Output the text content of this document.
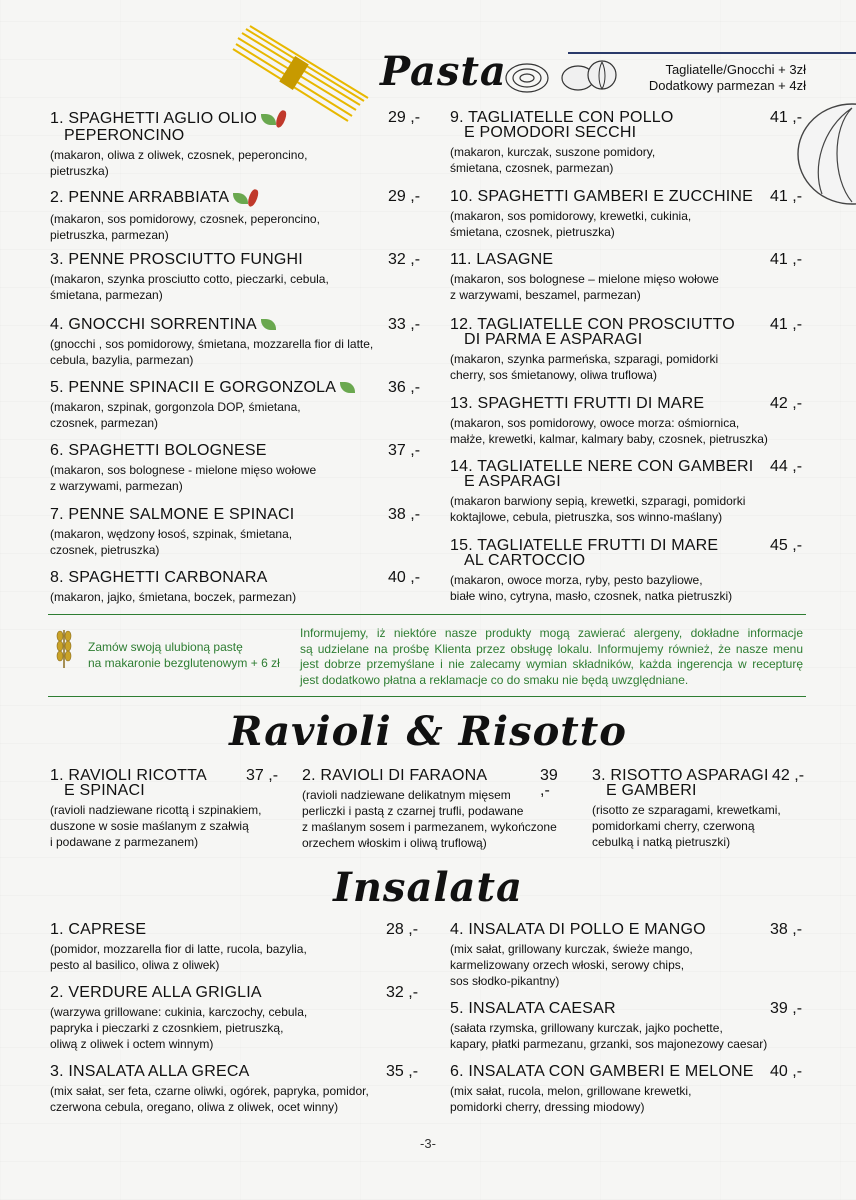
Pasta	Tagliatelle/Gnocchi + 3zł
Dodatkowy parmezan + 4zł
1. SPAGHETTI AGLIO OLIO
PEPERONCINO
29 ,-
(makaron, oliwa z oliwek, czosnek, peperoncino,
pietruszka)
2. PENNE ARRABBIATA	29 ,-
(makaron, sos pomidorowy, czosnek, peperoncino,
pietruszka, parmezan)
3. PENNE PROSCIUTTO FUNGHI	32 ,-
(makaron, szynka prosciutto cotto, pieczarki, cebula,
śmietana, parmezan)
4. GNOCCHI SORRENTINA	33 ,-
(gnocchi , sos pomidorowy, śmietana, mozzarella fior di latte,
cebula, bazylia, parmezan)
5. PENNE SPINACII E GORGONZOLA	36 ,-
(makaron, szpinak, gorgonzola DOP, śmietana,
czosnek, parmezan)
6. SPAGHETTI BOLOGNESE	37 ,-
(makaron, sos bolognese - mielone mięso wołowe
z warzywami, parmezan)
7. PENNE SALMONE E SPINACI	38 ,-
(makaron, wędzony łosoś, szpinak, śmietana,
czosnek, pietruszka)
8. SPAGHETTI CARBONARA	40 ,-
(makaron, jajko, śmietana, boczek, parmezan)
9. TAGLIATELLE CON POLLO
E POMODORI SECCHI
41 ,-
(makaron, kurczak, suszone pomidory,
śmietana, czosnek, parmezan)
10. SPAGHETTI GAMBERI E ZUCCHINE	41 ,-
(makaron, sos pomidorowy, krewetki, cukinia,
śmietana, czosnek, pietruszka)
11. LASAGNE	41 ,-
(makaron, sos bolognese – mielone mięso wołowe
z warzywami, beszamel, parmezan)
12. TAGLIATELLE CON PROSCIUTTO
DI PARMA E ASPARAGI
41 ,-
(makaron, szynka parmeńska, szparagi, pomidorki
cherry, sos śmietanowy, oliwa truflowa)
13. SPAGHETTI FRUTTI DI MARE	42 ,-
(makaron, sos pomidorowy, owoce morza: ośmiornica,
małże, krewetki, kalmar, kalmary baby, czosnek, pietruszka)
14. TAGLIATELLE NERE CON GAMBERI
E ASPARAGI
44 ,-
(makaron barwiony sepią, krewetki, szparagi, pomidorki
koktajlowe, cebula, pietruszka, sos winno-maślany)
15. TAGLIATELLE FRUTTI DI MARE
AL CARTOCCIO
45 ,-
(makaron, owoce morza, ryby, pesto bazyliowe,
białe wino, cytryna, masło, czosnek, natka pietruszki)
Zamów swoją ulubioną pastę
na makaronie bezglutenowym + 6 zł
Informujemy, iż niektóre nasze produkty mogą zawierać alergeny, dokładne informacje
są udzielane na prośbę Klienta przez obsługę lokalu. Informujemy również, że nasze menu
jest dobrze przemyślane i nie zalecamy wymian składników, każda ingerencja w recepturę
jest dodatkowo płatna a reklamacje co do smaku nie będą uwzględniane.
Ravioli & Risotto
1. RAVIOLI RICOTTA
E SPINACI
37 ,-
(ravioli nadziewane ricottą i szpinakiem,
duszone w sosie maślanym z szałwią
i podawane z parmezanem)
2. RAVIOLI DI FARAONA	39 ,-
(ravioli nadziewane delikatnym mięsem
perliczki i pastą z czarnej trufli, podawane
z maślanym sosem i parmezanem, wykończone
orzechem włoskim i oliwą truflową)
3. RISOTTO ASPARAGI
E GAMBERI
42 ,-
(risotto ze szparagami, krewetkami,
pomidorkami cherry, czerwoną
cebulką i natką pietruszki)
Insalata
1. CAPRESE	28 ,-
(pomidor, mozzarella fior di latte, rucola, bazylia,
pesto al basilico, oliwa z oliwek)
2. VERDURE ALLA GRIGLIA	32 ,-
(warzywa grillowane: cukinia, karczochy, cebula,
papryka i pieczarki z czosnkiem, pietruszką,
oliwą z oliwek i octem winnym)
3. INSALATA ALLA GRECA	35 ,-
(mix sałat, ser feta, czarne oliwki, ogórek, papryka, pomidor,
czerwona cebula, oregano, oliwa z oliwek, ocet winny)
4. INSALATA DI POLLO E MANGO	38 ,-
(mix sałat, grillowany kurczak, świeże mango,
karmelizowany orzech włoski, serowy chips,
sos słodko-pikantny)
5. INSALATA CAESAR	39 ,-
(sałata rzymska, grillowany kurczak, jajko pochette,
kapary, płatki parmezanu, grzanki, sos majonezowy caesar)
6. INSALATA CON GAMBERI E MELONE	40 ,-
(mix sałat, rucola, melon, grillowane krewetki,
pomidorki cherry, dressing miodowy)
-3-
